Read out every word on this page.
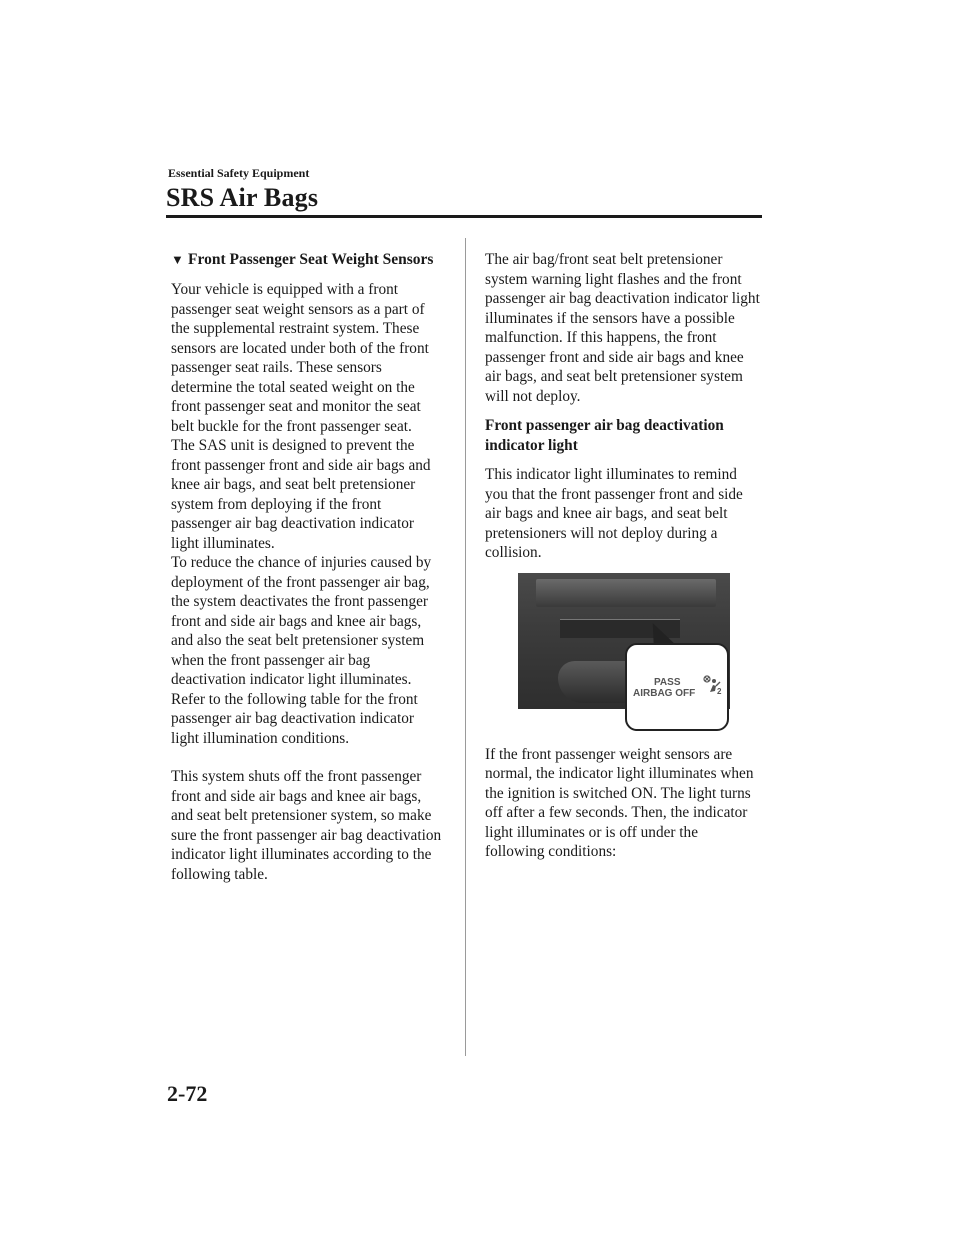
Essential Safety Equipment
SRS Air Bags
▼ Front Passenger Seat Weight Sensors

Your vehicle is equipped with a front passenger seat weight sensors as a part of the supplemental restraint system. These sensors are located under both of the front passenger seat rails. These sensors determine the total seated weight on the front passenger seat and monitor the seat belt buckle for the front passenger seat.

The SAS unit is designed to prevent the front passenger front and side air bags and knee air bags, and seat belt pretensioner system from deploying if the front passenger air bag deactivation indicator light illuminates.

To reduce the chance of injuries caused by deployment of the front passenger air bag, the system deactivates the front passenger front and side air bags and knee air bags, and also the seat belt pretensioner system when the front passenger air bag deactivation indicator light illuminates.

Refer to the following table for the front passenger air bag deactivation indicator light illumination conditions.

This system shuts off the front passenger front and side air bags and knee air bags, and seat belt pretensioner system, so make sure the front passenger air bag deactivation indicator light illuminates according to the following table.

The air bag/front seat belt pretensioner system warning light flashes and the front passenger air bag deactivation indicator light illuminates if the sensors have a possible malfunction. If this happens, the front passenger front and side air bags and knee air bags, and seat belt pretensioner system will not deploy.

Front passenger air bag deactivation indicator light

This indicator light illuminates to remind you that the front passenger front and side air bags and knee air bags, and seat belt pretensioners will not deploy during a collision.

PASS
AIRBAG OFF	2

If the front passenger weight sensors are normal, the indicator light illuminates when the ignition is switched ON. The light turns off after a few seconds. Then, the indicator light illuminates or is off under the following conditions:

2-72
